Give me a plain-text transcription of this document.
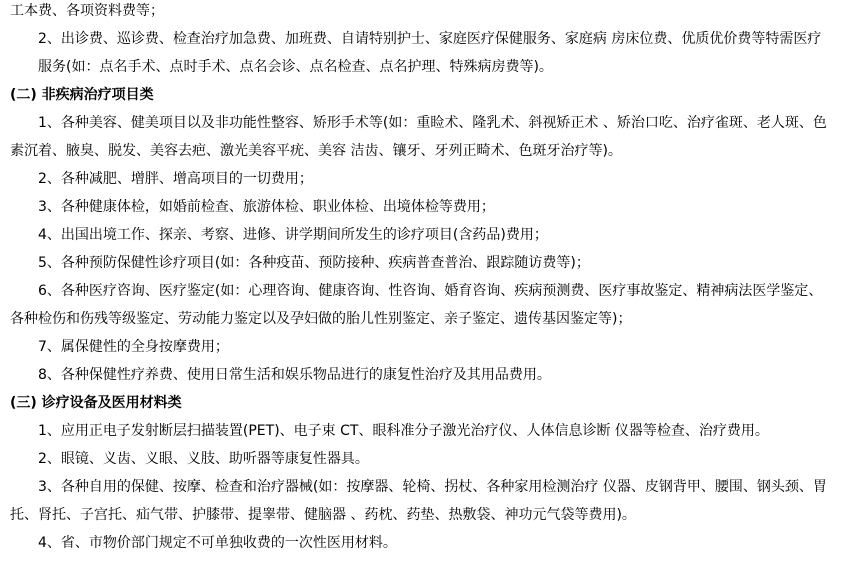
工本费、各项资料费等；
2、出诊费、巡诊费、检查治疗加急费、加班费、自请特别护士、家庭医疗保健服务、家庭病 房床位费、优质优价费等特需医疗
服务(如：点名手术、点时手术、点名会诊、点名检查、点名护理、特殊病房费等)。
(二) 非疾病治疗项目类
1、各种美容、健美项目以及非功能性整容、矫形手术等(如：重睑术、隆乳术、斜视矫正术 、矫治口吃、治疗雀斑、老人斑、色
素沉着、腋臭、脱发、美容去疤、激光美容平疣、美容 洁齿、镶牙、牙列正畸术、色斑牙治疗等)。
2、各种减肥、增胖、增高项目的一切费用；
3、各种健康体检，如婚前检查、旅游体检、职业体检、出境体检等费用；
4、出国出境工作、探亲、考察、进修、讲学期间所发生的诊疗项目(含药品)费用；
5、各种预防保健性诊疗项目(如：各种疫苗、预防接种、疾病普查普治、跟踪随访费等)；
6、各种医疗咨询、医疗鉴定(如：心理咨询、健康咨询、性咨询、婚育咨询、疾病预测费、医疗事故鉴定、精神病法医学鉴定、
各种检伤和伤残等级鉴定、劳动能力鉴定以及孕妇做的胎儿性别鉴定、亲子鉴定、遗传基因鉴定等)；
7、属保健性的全身按摩费用；
8、各种保健性疗养费、使用日常生活和娱乐物品进行的康复性治疗及其用品费用。
(三) 诊疗设备及医用材料类
1、应用正电子发射断层扫描装置(PET)、电子束 CT、眼科准分子激光治疗仪、人体信息诊断 仪器等检查、治疗费用。
2、眼镜、义齿、义眼、义肢、助听器等康复性器具。
3、各种自用的保健、按摩、检查和治疗器械(如：按摩器、轮椅、拐杖、各种家用检测治疗 仪器、皮钢背甲、腰围、钢头颈、胃
托、肾托、子宫托、疝气带、护膝带、提睾带、健脑器 、药枕、药垫、热敷袋、神功元气袋等费用)。
4、省、市物价部门规定不可单独收费的一次性医用材料。
